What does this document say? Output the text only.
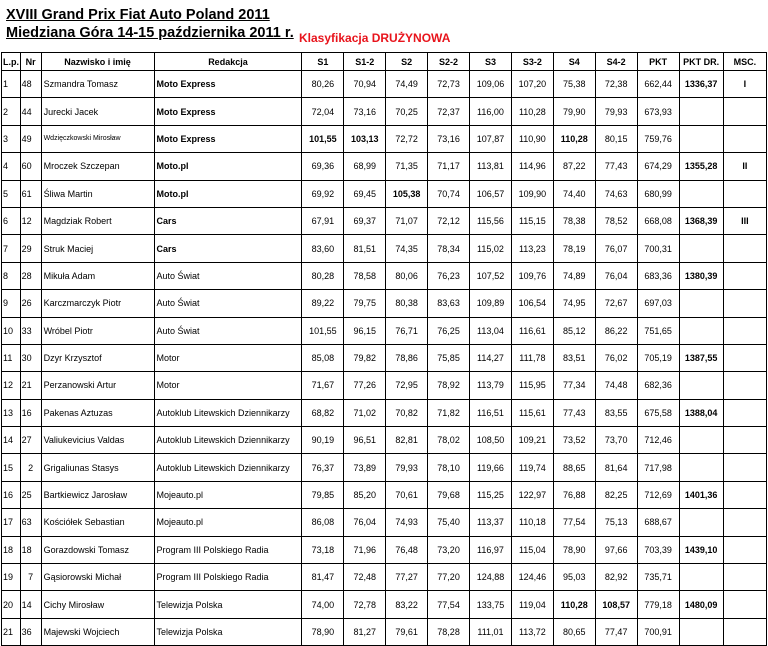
XVIII Grand Prix Fiat Auto Poland 2011
Miedziana Góra 14-15 października 2011 r. Klasyfikacja DRUŻYNOWA
L.p.	Nr	Nazwisko i imię	Redakcja	S1	S1-2	S2	S2-2	S3	S3-2	S4	S4-2	PKT	PKT DR.	MSC.
1	48	Szmandra Tomasz	Moto Express	80,26	70,94	74,49	72,73	109,06	107,20	75,38	72,38	662,44	1336,37	I
2	44	Jurecki Jacek	Moto Express	72,04	73,16	70,25	72,37	116,00	110,28	79,90	79,93	673,93		
3	49	Wdzięczkowski Mirosław	Moto Express	101,55	103,13	72,72	73,16	107,87	110,90	110,28	80,15	759,76		
4	60	Mroczek Szczepan	Moto.pl	69,36	68,99	71,35	71,17	113,81	114,96	87,22	77,43	674,29	1355,28	II
5	61	Śliwa Martin	Moto.pl	69,92	69,45	105,38	70,74	106,57	109,90	74,40	74,63	680,99		
6	12	Magdziak Robert	Cars	67,91	69,37	71,07	72,12	115,56	115,15	78,38	78,52	668,08	1368,39	III
7	29	Struk Maciej	Cars	83,60	81,51	74,35	78,34	115,02	113,23	78,19	76,07	700,31		
8	28	Mikuła Adam	Auto Świat	80,28	78,58	80,06	76,23	107,52	109,76	74,89	76,04	683,36	1380,39	
9	26	Karczmarczyk Piotr	Auto Świat	89,22	79,75	80,38	83,63	109,89	106,54	74,95	72,67	697,03		
10	33	Wróbel Piotr	Auto Świat	101,55	96,15	76,71	76,25	113,04	116,61	85,12	86,22	751,65		
11	30	Dzyr Krzysztof	Motor	85,08	79,82	78,86	75,85	114,27	111,78	83,51	76,02	705,19	1387,55	
12	21	Perzanowski Artur	Motor	71,67	77,26	72,95	78,92	113,79	115,95	77,34	74,48	682,36		
13	16	Pakenas Aztuzas	Autoklub Litewskich Dziennikarzy	68,82	71,02	70,82	71,82	116,51	115,61	77,43	83,55	675,58	1388,04	
14	27	Valiukevicius Valdas	Autoklub Litewskich Dziennikarzy	90,19	96,51	82,81	78,02	108,50	109,21	73,52	73,70	712,46		
15	2	Grigaliunas Stasys	Autoklub Litewskich Dziennikarzy	76,37	73,89	79,93	78,10	119,66	119,74	88,65	81,64	717,98		
16	25	Bartkiewicz Jarosław	Mojeauto.pl	79,85	85,20	70,61	79,68	115,25	122,97	76,88	82,25	712,69	1401,36	
17	63	Kościółek Sebastian	Mojeauto.pl	86,08	76,04	74,93	75,40	113,37	110,18	77,54	75,13	688,67		
18	18	Gorazdowski Tomasz	Program III Polskiego Radia	73,18	71,96	76,48	73,20	116,97	115,04	78,90	97,66	703,39	1439,10	
19	7	Gąsiorowski Michał	Program III Polskiego Radia	81,47	72,48	77,27	77,20	124,88	124,46	95,03	82,92	735,71		
20	14	Cichy Mirosław	Telewizja Polska	74,00	72,78	83,22	77,54	133,75	119,04	110,28	108,57	779,18	1480,09	
21	36	Majewski Wojciech	Telewizja Polska	78,90	81,27	79,61	78,28	111,01	113,72	80,65	77,47	700,91		
